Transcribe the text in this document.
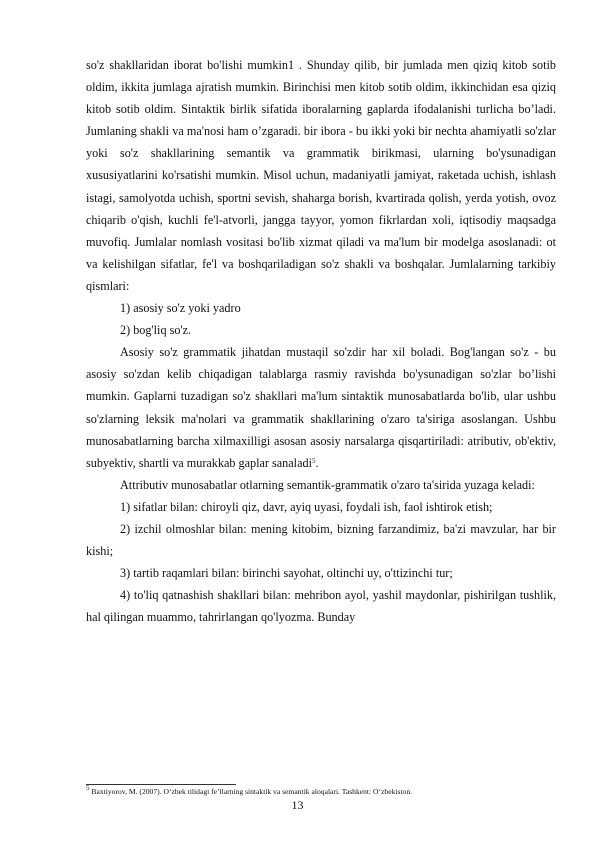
so'z shakllaridan iborat bo'lishi mumkin1 . Shunday qilib, bir jumlada men qiziq kitob sotib oldim, ikkita jumlaga ajratish mumkin. Birinchisi men kitob sotib oldim, ikkinchidan esa qiziq kitob sotib oldim. Sintaktik birlik sifatida iboralarning gaplarda ifodalanishi turlicha bo’ladi. Jumlaning shakli va ma'nosi ham o’zgaradi. bir ibora - bu ikki yoki bir nechta ahamiyatli so'zlar yoki so'z shakllarining semantik va grammatik birikmasi, ularning bo'ysunadigan xususiyatlarini ko'rsatishi mumkin. Misol uchun, madaniyatli jamiyat, raketada uchish, ishlash istagi, samolyotda uchish, sportni sevish, shaharga borish, kvartirada qolish, yerda yotish, ovoz chiqarib o'qish, kuchli fe'l-atvorli, jangga tayyor, yomon fikrlardan xoli, iqtisodiy maqsadga muvofiq. Jumlalar nomlash vositasi bo'lib xizmat qiladi va ma'lum bir modelga asoslanadi: ot va kelishilgan sifatlar, fe'l va boshqariladigan so'z shakli va boshqalar. Jumlalarning tarkibiy qismlari:

1) asosiy so'z yoki yadro

2) bog'liq so'z.

Asosiy so'z grammatik jihatdan mustaqil so'zdir har xil boladi. Bog'langan so'z - bu asosiy so'zdan kelib chiqadigan talablarga rasmiy ravishda bo'ysunadigan so'zlar bo’lishi mumkin. Gaplarni tuzadigan so'z shakllari ma'lum sintaktik munosabatlarda bo'lib, ular ushbu so'zlarning leksik ma'nolari va grammatik shakllarining o'zaro ta'siriga asoslangan. Ushbu munosabatlarning barcha xilmaxilligi asosan asosiy narsalarga qisqartiriladi: atributiv, ob'ektiv, subyektiv, shartli va murakkab gaplar sanaladi$^5$.

Attributiv munosabatlar otlarning semantik-grammatik o'zaro ta'sirida yuzaga keladi:

1) sifatlar bilan: chiroyli qiz, davr, ayiq uyasi, foydali ish, faol ishtirok etish;

2) izchil olmoshlar bilan: mening kitobim, bizning farzandimiz, ba'zi mavzular, har bir kishi;

3) tartib raqamlari bilan: birinchi sayohat, oltinchi uy, o'ttizinchi tur;

4) to'liq qatnashish shakllari bilan: mehribon ayol, yashil maydonlar, pishirilgan tushlik, hal qilingan muammo, tahrirlangan qo'lyozma. Bunday

$^5$ Baxtiyorov, M. (2007). O‘zbek tilidagi fe’llarning sintaktik va semantik aloqalari. Tashkent: O‘zbekiston.
13
